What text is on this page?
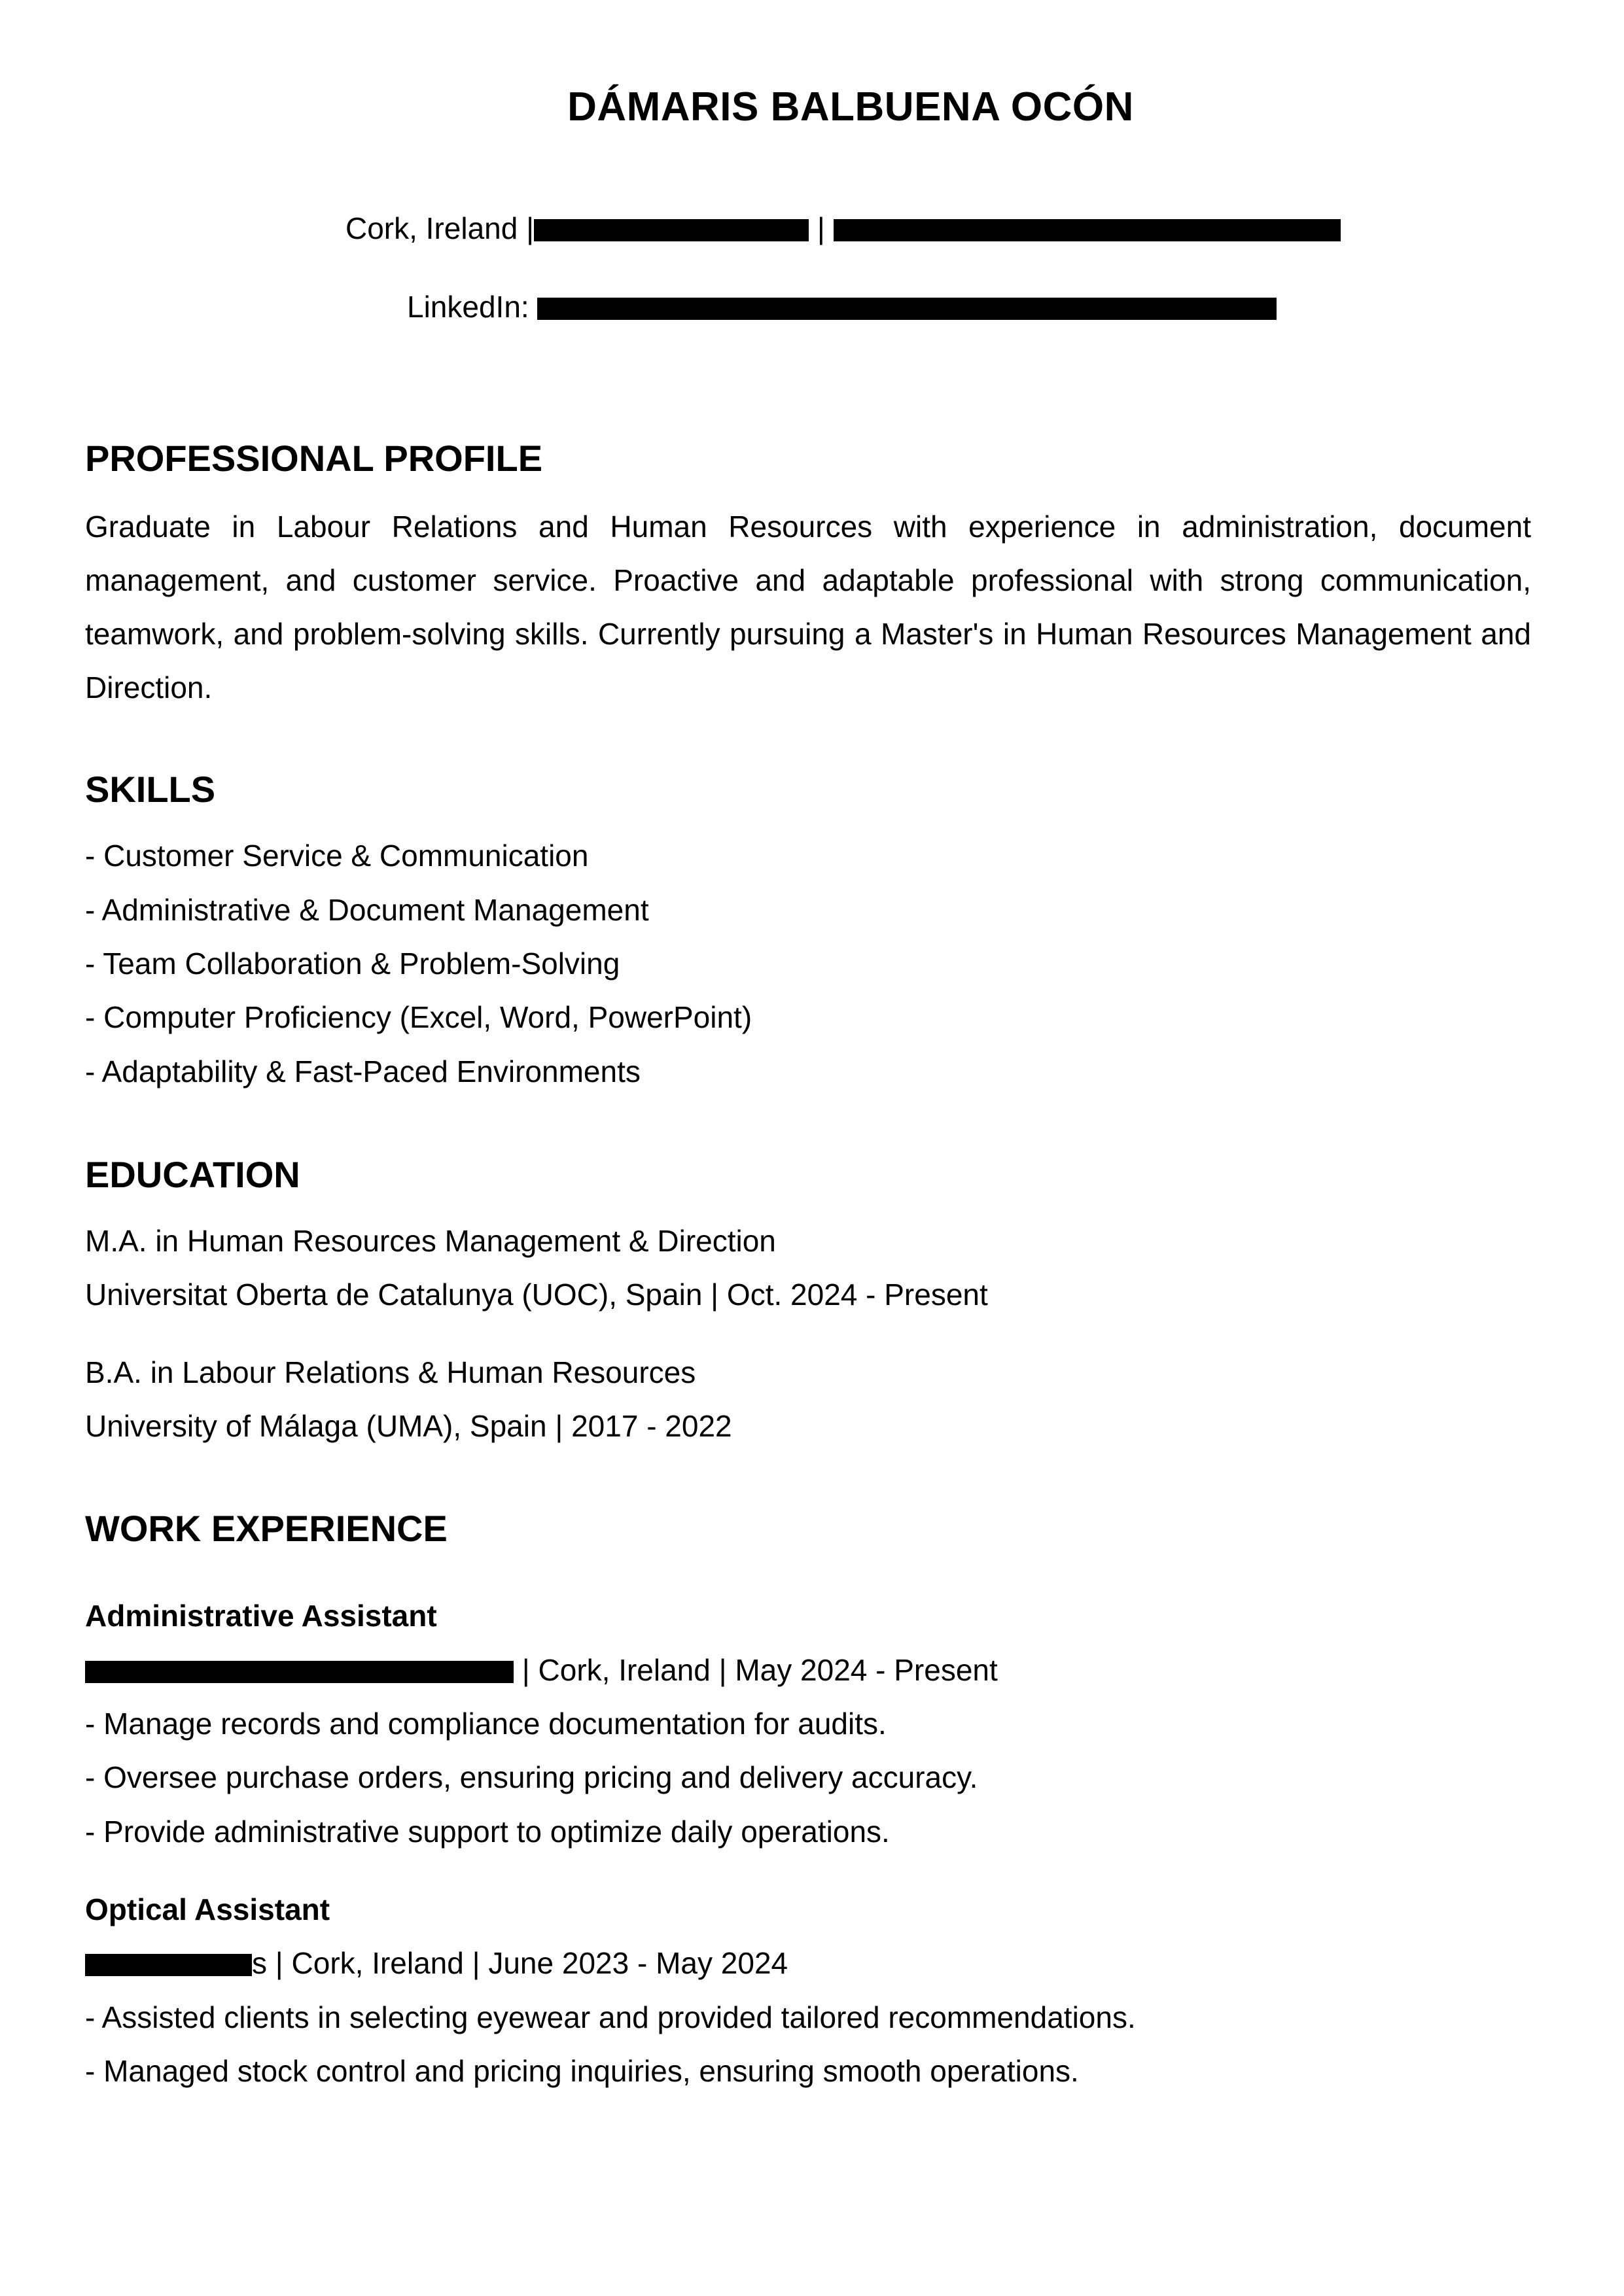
DÁMARIS BALBUENA OCÓN
Cork, Ireland |	|
LinkedIn:
PROFESSIONAL PROFILE

Graduate in Labour Relations and Human Resources with experience in administration, document management, and customer service. Proactive and adaptable professional with strong communication, teamwork, and problem-solving skills. Currently pursuing a Master's in Human Resources Management and Direction.

SKILLS
- Customer Service & Communication
- Administrative & Document Management
- Team Collaboration & Problem-Solving
- Computer Proficiency (Excel, Word, PowerPoint)
- Adaptability & Fast-Paced Environments
EDUCATION
M.A. in Human Resources Management & Direction
Universitat Oberta de Catalunya (UOC), Spain | Oct. 2024 - Present
B.A. in Labour Relations & Human Resources
University of Málaga (UMA), Spain | 2017 - 2022
WORK EXPERIENCE
Administrative Assistant
| Cork, Ireland | May 2024 - Present
- Manage records and compliance documentation for audits.
- Oversee purchase orders, ensuring pricing and delivery accuracy.
- Provide administrative support to optimize daily operations.
Optical Assistant
s | Cork, Ireland | June 2023 - May 2024
- Assisted clients in selecting eyewear and provided tailored recommendations.
- Managed stock control and pricing inquiries, ensuring smooth operations.
